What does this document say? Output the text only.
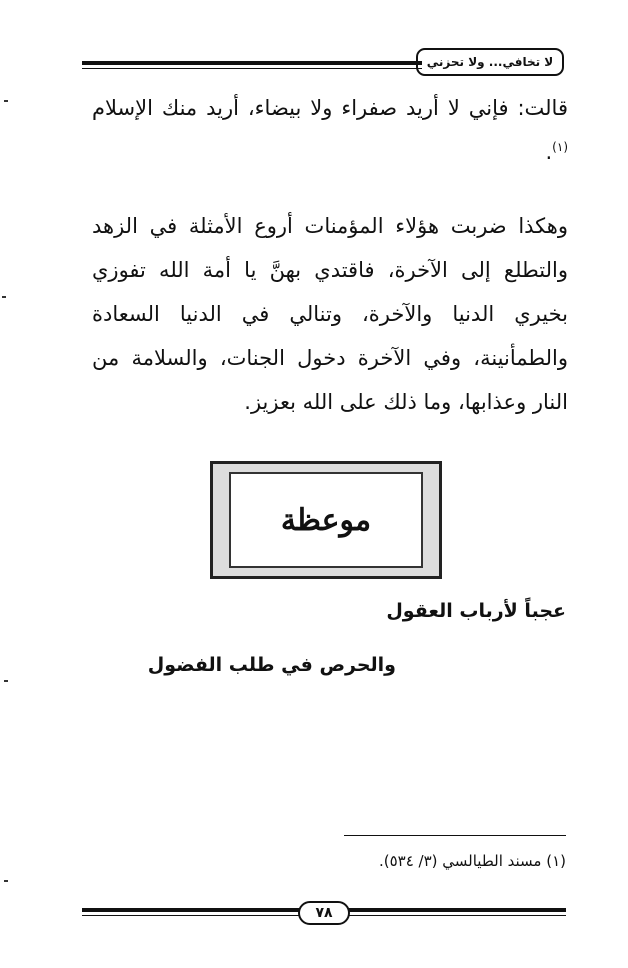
لا تخافي... ولا تحزني

قالت: فإني لا أريد صفراء ولا بيضاء، أريد منك الإسلام $^{(١)}$.

وهكذا ضربت هؤلاء المؤمنات أروع الأمثلة في الزهد والتطلع إلى الآخرة، فاقتدي بهنَّ يا أمة الله تفوزي بخيري الدنيا والآخرة، وتنالي في الدنيا السعادة والطمأنينة، وفي الآخرة دخول الجنات، والسلامة من النار وعذابها، وما ذلك على الله بعزيز.

موعظة
عجباً لأرباب العقول
والحرص في طلب الفضول
(١) مسند الطيالسي (٣/ ٥٣٤).
٧٨
